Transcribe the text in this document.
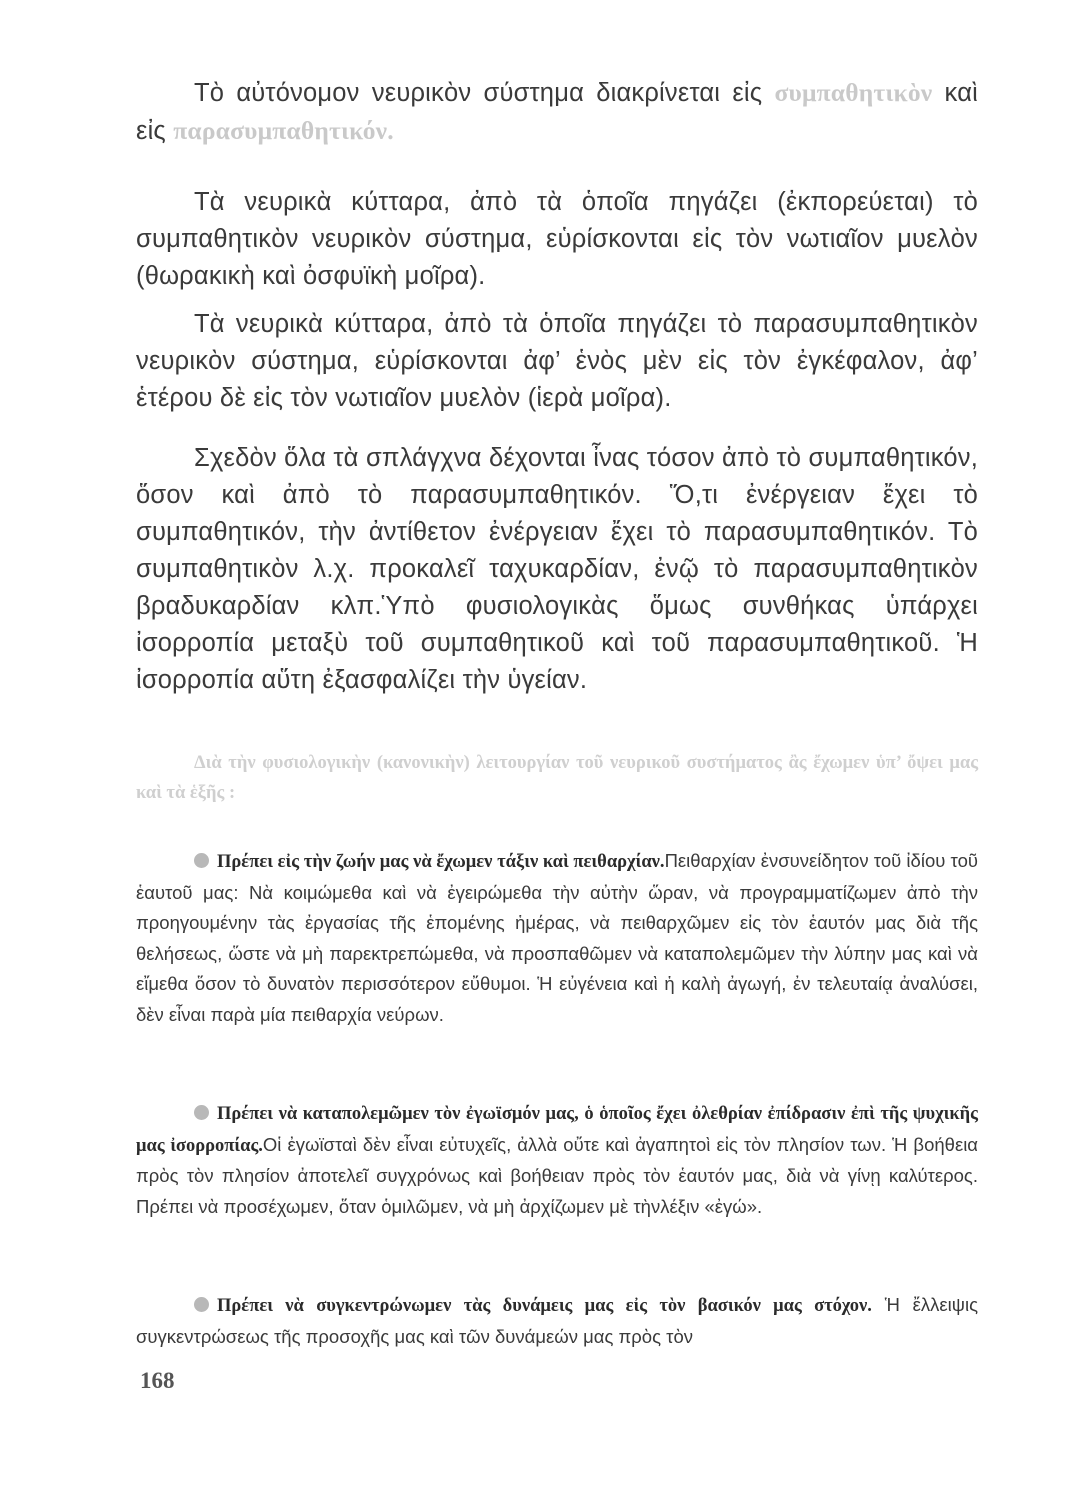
Τὸ αὐτόνομον νευρικὸν σύστημα διακρίνεται εἰς συμπαθητικὸν καὶ εἰς παρασυμπαθητικόν.

Τὰ νευρικὰ κύτταρα, ἀπὸ τὰ ὁποῖα πηγάζει (ἐκπορεύεται) τὸ συμπαθητικὸν νευρικὸν σύστημα, εὑρίσκονται εἰς τὸν νωτιαῖον μυελὸν (θωρακικὴ καὶ ὀσφυϊκὴ μοῖρα).

Τὰ νευρικὰ κύτταρα, ἀπὸ τὰ ὁποῖα πηγάζει τὸ παρασυμπαθητικὸν νευρικὸν σύστημα, εὑρίσκονται ἀφ’ ἑνὸς μὲν εἰς τὸν ἐγκέφαλον, ἀφ’ ἑτέρου δὲ εἰς τὸν νωτιαῖον μυελὸν (ἱερὰ μοῖρα).

Σχεδὸν ὅλα τὰ σπλάγχνα δέχονται ἶνας τόσον ἀπὸ τὸ συμπαθητικόν, ὅσον καὶ ἀπὸ τὸ παρασυμπαθητικόν. Ὅ,τι ἐνέργειαν ἔχει τὸ συμπαθητικόν, τὴν ἀντίθετον ἐνέργειαν ἔχει τὸ παρασυμπαθητικόν. Τὸ συμπαθητικὸν λ.χ. προκαλεῖ ταχυκαρδίαν, ἐνῷ τὸ παρασυμπαθητικὸν βραδυκαρδίαν κλπ.Ὑπὸ φυσιολογικὰς ὅμως συνθήκας ὑπάρχει ἰσορροπία μεταξὺ τοῦ συμπαθητικοῦ καὶ τοῦ παρασυμπαθητικοῦ. Ἡ ἰσορροπία αὕτη ἐξασφαλίζει τὴν ὑγείαν.

Διὰ τὴν φυσιολογικὴν (κανονικὴν) λειτουργίαν τοῦ νευρικοῦ συστήματος ἂς ἔχωμεν ὑπ’ ὄψει μας καὶ τὰ ἑξῆς :

Πρέπει εἰς τὴν ζωήν μας νὰ ἔχωμεν τάξιν καὶ πειθαρχίαν.Πειθαρχίαν ἐνσυνείδητον τοῦ ἰδίου τοῦ ἑαυτοῦ μας: Νὰ κοιμώμεθα καὶ νὰ ἐγειρώμεθα τὴν αὐτὴν ὥραν, νὰ προγραμματίζωμεν ἀπὸ τὴν προηγουμένην τὰς ἐργασίας τῆς ἑπομένης ἡμέρας, νὰ πειθαρχῶμεν εἰς τὸν ἑαυτόν μας διὰ τῆς θελήσεως, ὥστε νὰ μὴ παρεκτρεπώμεθα, νὰ προσπαθῶμεν νὰ καταπολεμῶμεν τὴν λύπην μας καὶ νὰ εἴμεθα ὅσον τὸ δυνατὸν περισσότερον εὔθυμοι. Ἡ εὐγένεια καὶ ἡ καλὴ ἀγωγή, ἐν τελευταίᾳ ἀναλύσει, δὲν εἶναι παρὰ μία πειθαρχία νεύρων.

Πρέπει νὰ καταπολεμῶμεν τὸν ἐγωϊσμόν μας, ὁ ὁποῖος ἔχει ὀλεθρίαν ἐπίδρασιν ἐπὶ τῆς ψυχικῆς μας ἰσορροπίας.Οἱ ἐγωϊσταὶ δὲν εἶναι εὐτυχεῖς, ἀλλὰ οὔτε καὶ ἀγαπητοὶ εἰς τὸν πλησίον των. Ἡ βοήθεια πρὸς τὸν πλησίον ἀποτελεῖ συγχρόνως καὶ βοήθειαν πρὸς τὸν ἑαυτόν μας, διὰ νὰ γίνῃ καλύτερος. Πρέπει νὰ προσέχωμεν, ὅταν ὁμιλῶμεν, νὰ μὴ ἀρχίζωμεν μὲ τὴνλέξιν «ἐγώ».

Πρέπει νὰ συγκεντρώνωμεν τὰς δυνάμεις μας εἰς τὸν βασικόν μας στόχον. Ἡ ἔλλειψις συγκεντρώσεως τῆς προσοχῆς μας καὶ τῶν δυνάμεών μας πρὸς τὸν

168
